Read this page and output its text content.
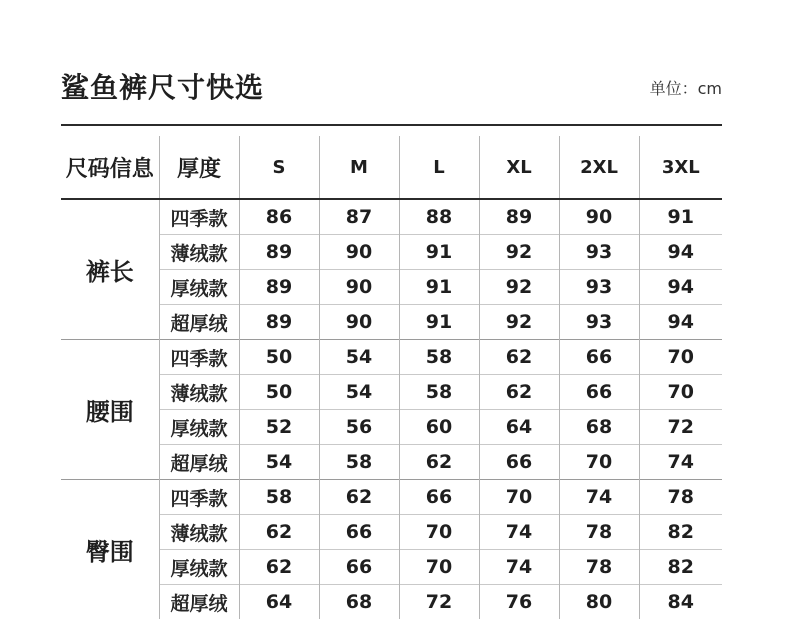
鲨鱼裤尺寸快选	单位：cm
尺码信息	厚度	S	M	L	XL	2XL	3XL
裤长	四季款	86	87	88	89	90	91
	薄绒款	89	90	91	92	93	94
	厚绒款	89	90	91	92	93	94
	超厚绒	89	90	91	92	93	94
腰围	四季款	50	54	58	62	66	70
	薄绒款	50	54	58	62	66	70
	厚绒款	52	56	60	64	68	72
	超厚绒	54	58	62	66	70	74
臀围	四季款	58	62	66	70	74	78
	薄绒款	62	66	70	74	78	82
	厚绒款	62	66	70	74	78	82
	超厚绒	64	68	72	76	80	84
